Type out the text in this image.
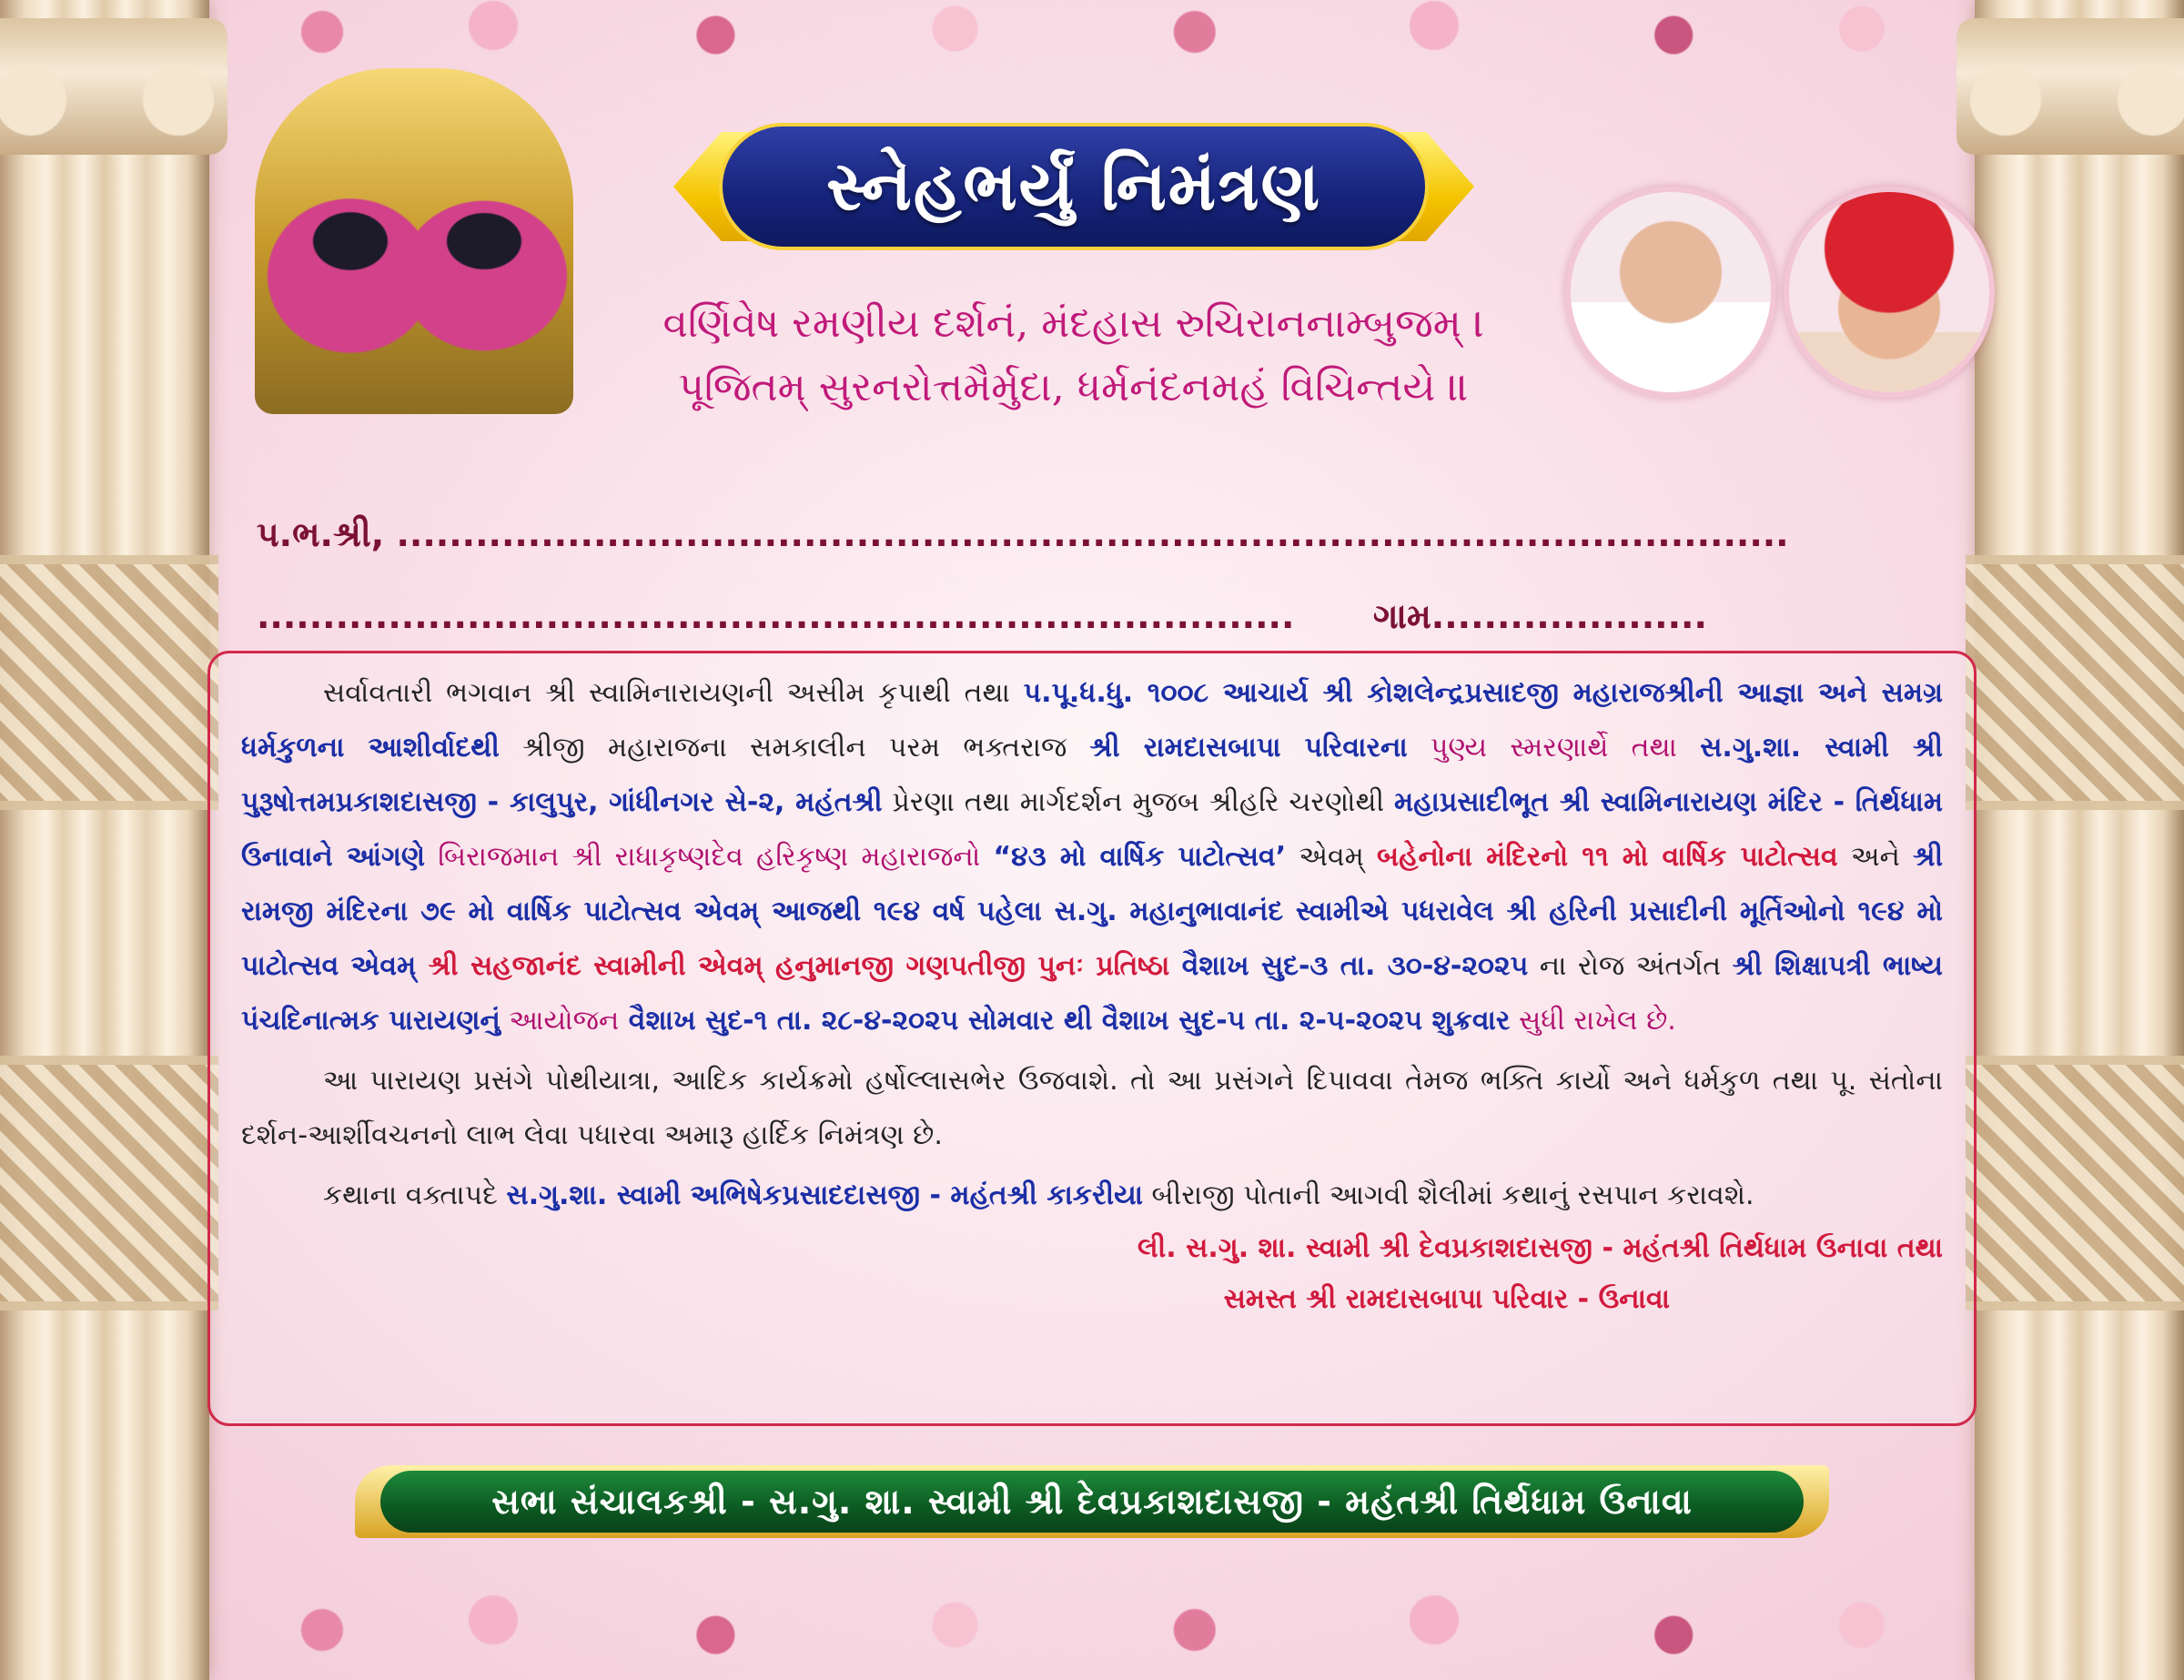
સ્નેહભર્યું નિમંત્રણ
વર્ણિવેષ રમણીય દર્શનં, મંદહાસ રુચિરાનનામ્બુજમ્ ।
પૂજિતમ્ સુરનરોત્તમૈર્મુદા, ધર્મનંદનમહં વિચિન્તયે ॥
પ.ભ.શ્રી, ..........................................................................................................
............................................................................... ગામ.....................

સર્વાવતારી ભગવાન શ્રી સ્વામિનારાયણની અસીમ કૃપાથી તથા પ.પૂ.ધ.ધુ. ૧૦૦૮ આચાર્ય શ્રી કોશલેન્દ્રપ્રસાદજી મહારાજશ્રીની આજ્ઞા અને સમગ્ર ધર્મકુળના આશીર્વાદથી શ્રીજી મહારાજના સમકાલીન પરમ ભક્તરાજ શ્રી રામદાસબાપા પરિવારના પુણ્ય સ્મરણાર્થે તથા સ.ગુ.શા. સ્વામી શ્રી પુરૂષોત્તમપ્રકાશદાસજી - કાલુપુર, ગાંધીનગર સે-૨, મહંતશ્રી પ્રેરણા તથા માર્ગદર્શન મુજબ શ્રીહરિ ચરણોથી મહાપ્રસાદીભૂત શ્રી સ્વામિનારાયણ મંદિર - તિર્થધામ ઉનાવાને આંગણે બિરાજમાન શ્રી રાધાકૃષ્ણદેવ હરિકૃષ્ણ મહારાજનો “૪૩ મો વાર્ષિક પાટોત્સવ’ એવમ્ બહેનોના મંદિરનો ૧૧ મો વાર્ષિક પાટોત્સવ અને શ્રી રામજી મંદિરના ૭૯ મો વાર્ષિક પાટોત્સવ એવમ્ આજથી ૧૯૪ વર્ષ પહેલા સ.ગુ. મહાનુભાવાનંદ સ્વામીએ પધરાવેલ શ્રી હરિની પ્રસાદીની મૂર્તિઓનો ૧૯૪ મો પાટોત્સવ એવમ્ શ્રી સહજાનંદ સ્વામીની એવમ્ હનુમાનજી ગણપતીજી પુનઃ પ્રતિષ્ઠા વૈશાખ સુદ-૩ તા. ૩૦-૪-૨૦૨૫ ના રોજ અંતર્ગત શ્રી શિક્ષાપત્રી ભાષ્ય પંચદિનાત્મક પારાયણનું આયોજન વૈશાખ સુદ-૧ તા. ૨૮-૪-૨૦૨૫ સોમવાર થી વૈશાખ સુદ-૫ તા. ૨-૫-૨૦૨૫ શુક્રવાર સુધી રાખેલ છે.

આ પારાયણ પ્રસંગે પોથીયાત્રા, આદિક કાર્યક્રમો હર્ષોલ્લાસભેર ઉજવાશે. તો આ પ્રસંગને દિપાવવા તેમજ ભક્તિ કાર્યો અને ધર્મકુળ તથા પૂ. સંતોના દર્શન-આર્શીવચનનો લાભ લેવા પધારવા અમારૂ હાર્દિક નિમંત્રણ છે.

કથાના વક્તાપદે સ.ગુ.શા. સ્વામી અભિષેકપ્રસાદદાસજી - મહંતશ્રી કાકરીયા બીરાજી પોતાની આગવી શૈલીમાં કથાનું રસપાન કરાવશે.

લી. સ.ગુ. શા. સ્વામી શ્રી દેવપ્રકાશદાસજી - મહંતશ્રી તિર્થધામ ઉનાવા તથા
સમસ્ત શ્રી રામદાસબાપા પરિવાર - ઉનાવા
સભા સંચાલકશ્રી - સ.ગુ. શા. સ્વામી શ્રી દેવપ્રકાશદાસજી - મહંતશ્રી તિર્થધામ ઉનાવા
